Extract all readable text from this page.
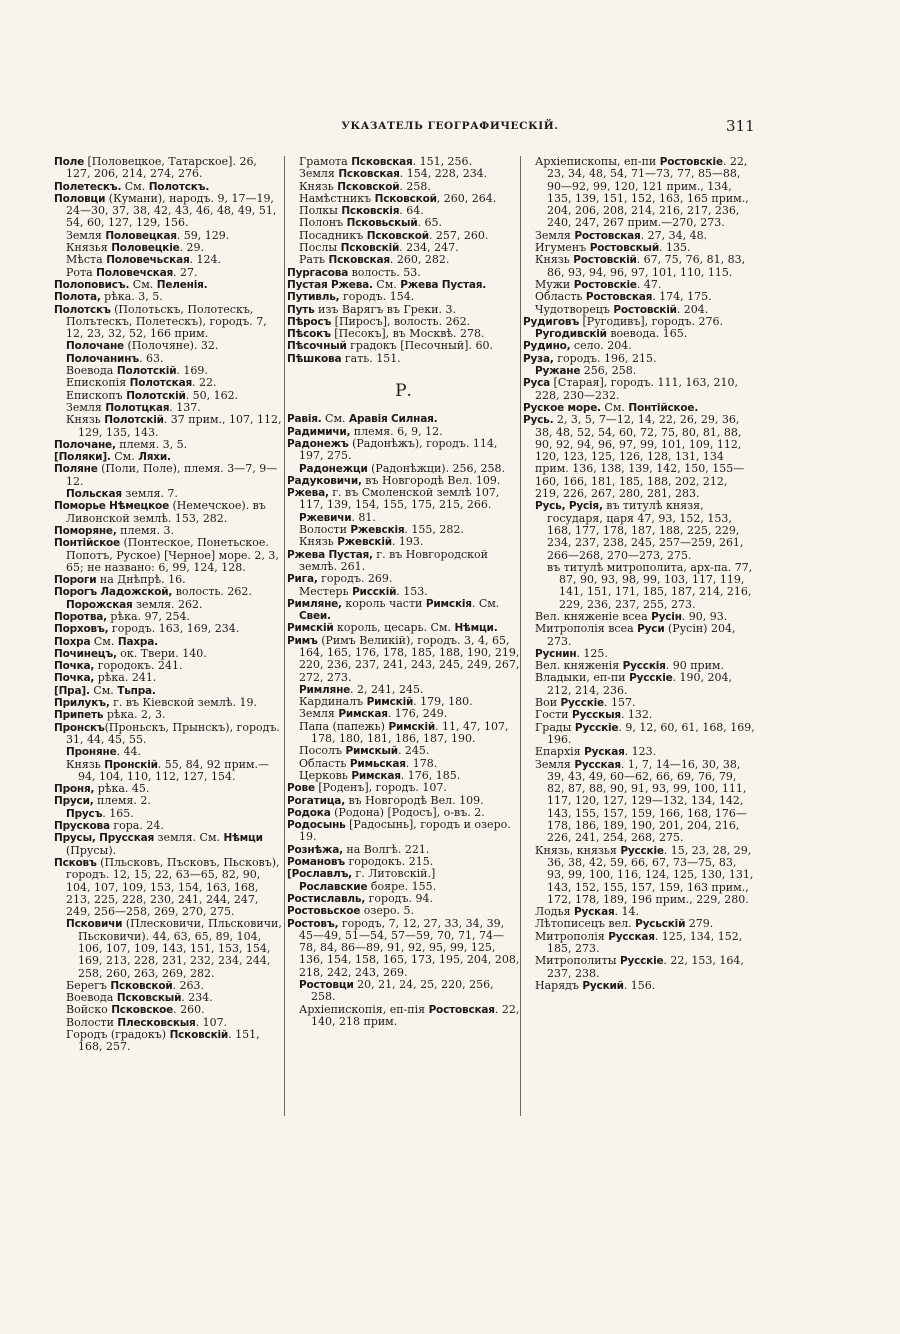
УКАЗАТЕЛЬ ГЕОГРАФИЧЕСКІЙ.	311
Поле [Половецкое, Татарское]. 26, 127, 206, 214, 274, 276.
Полетескъ. См. Полотскъ.
Половци (Кумани), народъ. 9, 17—19, 24—30, 37, 38, 42, 43, 46, 48, 49, 51, 54, 60, 127, 129, 156.
Земля Половецкая. 59, 129.
Князья Половецкіе. 29.
Мѣста Половечьская. 124.
Рота Половечская. 27.
Полоповисъ. См. Пеленія.
Полота, рѣка. 3, 5.
Полотскъ (Полотьскъ, Полотескъ, Полътескъ, Полетескъ), городъ. 7, 12, 23, 32, 52, 166 прим.
Полочане (Полочяне). 32.
Полочанинъ. 63.
Воевода Полотскій. 169.
Епископія Полотская. 22.
Епископъ Полотскій. 50, 162.
Земля Полотцкая. 137.
Князь Полотскій. 37 прим., 107, 112, 129, 135, 143.
Полочане, племя. 3, 5.
[Поляки]. См. Ляхи.
Поляне (Поли, Поле), племя. 3—7, 9—12.
Польская земля. 7.
Поморье Нѣмецкое (Немечское). въ Ливонской землѣ. 153, 282.
Поморяне, племя. 3.
Понтійское (Понтеское, Понетьское. Попотъ, Руское) [Черное] море. 2, 3, 65; не названо: 6, 99, 124, 128.
Пороги на Днѣпрѣ. 16.
Порогъ Ладожской, волость. 262.
Порожская земля. 262.
Поротва, рѣка. 97, 254.
Порховъ, городъ. 163, 169, 234.
Похра См. Пахра.
Починецъ, ок. Твери. 140.
Почка, городокъ. 241.
Почка, рѣка. 241.
[Пра]. См. Тьпра.
Прилукъ, г. въ Кіевской землѣ. 19.
Припеть рѣка. 2, 3.
Пронскъ(Проньскъ, Прынскъ), городъ. 31, 44, 45, 55.
Проняне. 44.
Князь Пронскій. 55, 84, 92 прим.—94, 104, 110, 112, 127, 154.
Проня, рѣка. 45.
Пруси, племя. 2.
Прусъ. 165.
Прускова гора. 24.
Прусы, Прусская земля. См. Нѣмци (Прусы).
Псковъ (Пльсковъ, Пъсковъ, Пьсковъ), городъ. 12, 15, 22, 63—65, 82, 90, 104, 107, 109, 153, 154, 163, 168, 213, 225, 228, 230, 241, 244, 247, 249, 256—258, 269, 270, 275.
Псковичи (Плесковичи, Пльсковичи, Пьсковичи). 44, 63, 65, 89, 104, 106, 107, 109, 143, 151, 153, 154, 169, 213, 228, 231, 232, 234, 244, 258, 260, 263, 269, 282.
Берегъ Псковской. 263.
Воевода Псковскый. 234.
Войско Псковское. 260.
Волости Плесковскыя. 107.
Городъ (градокъ) Псковскій. 151, 168, 257.
Грамота Псковская. 151, 256.
Земля Псковская. 154, 228, 234.
Князь Псковской. 258.
Намѣстникъ Псковской, 260, 264.
Полкы Псковскія. 64.
Полонъ Псковьскый. 65.
Посадникъ Псковской. 257, 260.
Послы Псковскій. 234, 247.
Рать Псковская. 260, 282.
Пургасова волость. 53.
Пустая Ржева. См. Ржева Пустая.
Путивль, городъ. 154.
Путь изъ Варягъ въ Греки. 3.
Пѣросъ [Пиросъ], волость. 262.
Пѣсокъ [Песокъ], въ Москвѣ. 278.
Пѣсочный градокъ [Песочный]. 60.
Пѣшкова гать. 151.
Р.
Равія. См. Аравія Силная.
Радимичи, племя. 6, 9, 12.
Радонежъ (Радонѣжъ), городъ. 114, 197, 275.
Радонежци (Радонѣжци). 256, 258.
Радуковичи, въ Новгородѣ Вел. 109.
Ржева, г. въ Смоленской землѣ 107, 117, 139, 154, 155, 175, 215, 266.
Ржевичи. 81.
Волости Ржевскія. 155, 282.
Князь Ржевскій. 193.
Ржева Пустая, г. въ Новгородской землѣ. 261.
Рига, городъ. 269.
Местерь Рисскій. 153.
Римляне, король части Римскія. См. Свеи.
Римскій король, цесарь. См. Нѣмци.
Римъ (Римъ Великій), городъ. 3, 4, 65, 164, 165, 176, 178, 185, 188, 190, 219, 220, 236, 237, 241, 243, 245, 249, 267, 272, 273.
Римляне. 2, 241, 245.
Кардиналъ Римскій. 179, 180.
Земля Римская. 176, 249.
Папа (папежь) Римскій. 11, 47, 107, 178, 180, 181, 186, 187, 190.
Посолъ Римскый. 245.
Область Римьская. 178.
Церковь Римская. 176, 185.
Рове [Роденъ], городъ. 107.
Рогатица, въ Новгородѣ Вел. 109.
Родока (Родона) [Родосъ], о-въ. 2.
Родосынь [Радосынь], городъ и озеро. 19.
Рознѣжа, на Волгѣ. 221.
Романовъ городокъ. 215.
[Рославлъ, г. Литовскій.]
Рославские бояре. 155.
Ростиславль, городъ. 94.
Ростовьское озеро. 5.
Ростовъ, городъ, 7, 12, 27, 33, 34, 39, 45—49, 51—54, 57—59, 70, 71, 74—78, 84, 86—89, 91, 92, 95, 99, 125, 136, 154, 158, 165, 173, 195, 204, 208, 218, 242, 243, 269.
Ростовци 20, 21, 24, 25, 220, 256, 258.
Архіепископія, еп-пія Ростовская. 22, 140, 218 прим.
Архіепископы, еп-пи Ростовскіе. 22, 23, 34, 48, 54, 71—73, 77, 85—88, 90—92, 99, 120, 121 прим., 134, 135, 139, 151, 152, 163, 165 прим., 204, 206, 208, 214, 216, 217, 236, 240, 247, 267 прим.—270, 273.
Земля Ростовская. 27, 34, 48.
Игуменъ Ростовскый. 135.
Князь Ростовскій. 67, 75, 76, 81, 83, 86, 93, 94, 96, 97, 101, 110, 115.
Мужи Ростовскіе. 47.
Область Ростовская. 174, 175.
Чудотворецъ Ростовскій. 204.
Рудиговъ [Ругодивъ], городъ. 276.
Ругодивскій воевода. 165.
Рудино, село. 204.
Руза, городъ. 196, 215.
Ружане 256, 258.
Руса [Старая], городъ. 111, 163, 210, 228, 230—232.
Руское море. См. Понтійское.
Русь. 2, 3, 5, 7—12, 14, 22, 26, 29, 36, 38, 48, 52, 54, 60, 72, 75, 80, 81, 88, 90, 92, 94, 96, 97, 99, 101, 109, 112, 120, 123, 125, 126, 128, 131, 134 прим. 136, 138, 139, 142, 150, 155—160, 166, 181, 185, 188, 202, 212, 219, 226, 267, 280, 281, 283.
Русь, Русія, въ титулѣ князя, государя, царя 47, 93, 152, 153, 168, 177, 178, 187, 188, 225, 229, 234, 237, 238, 245, 257—259, 261, 266—268, 270—273, 275.
въ титулѣ митрополита, арх-па. 77, 87, 90, 93, 98, 99, 103, 117, 119, 141, 151, 171, 185, 187, 214, 216, 229, 236, 237, 255, 273.
Вел. княженіе всеа Русін. 90, 93.
Митрополія всеа Руси (Русін) 204, 273.
Руснин. 125.
Вел. княженія Русскія. 90 прим.
Владыки, еп-пи Русскіе. 190, 204, 212, 214, 236.
Вои Русскіе. 157.
Гости Русскыя. 132.
Грады Русскіе. 9, 12, 60, 61, 168, 169, 196.
Епархія Руская. 123.
Земля Русская. 1, 7, 14—16, 30, 38, 39, 43, 49, 60—62, 66, 69, 76, 79, 82, 87, 88, 90, 91, 93, 99, 100, 111, 117, 120, 127, 129—132, 134, 142, 143, 155, 157, 159, 166, 168, 176—178, 186, 189, 190, 201, 204, 216, 226, 241, 254, 268, 275.
Князь, князья Русскіе. 15, 23, 28, 29, 36, 38, 42, 59, 66, 67, 73—75, 83, 93, 99, 100, 116, 124, 125, 130, 131, 143, 152, 155, 157, 159, 163 прим., 172, 178, 189, 196 прим., 229, 280.
Лодья Руская. 14.
Лѣтописецъ вел. Русьскій 279.
Митрополія Русская. 125, 134, 152, 185, 273.
Митрополиты Русскіе. 22, 153, 164, 237, 238.
Нарядъ Руский. 156.
